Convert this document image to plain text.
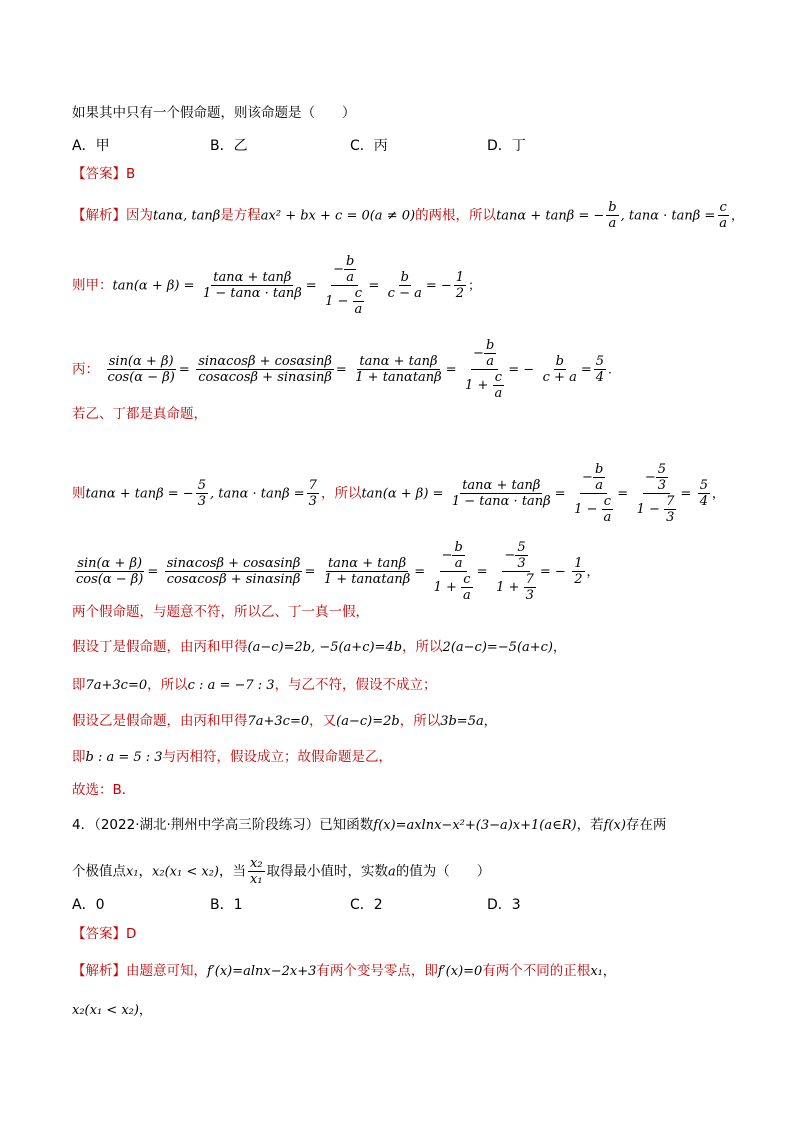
如果其中只有一个假命题，则该命题是（　　）
A．甲	B．乙	C．丙	D．丁
【答案】B
【解析】因为tanα, tanβ是方程ax² + bx + c = 0(a ≠ 0)的两根，所以tanα + tanβ = − $\frac{b}{a}$ , $\tan\alpha \cdot \tan\beta = \frac{c}{a}$ ，
则甲：$\tan(\alpha + \beta) = \frac{\tan\alpha + \tan\beta}{1 - \tan\alpha \cdot \tan\beta} = \frac{- \frac{b}{a}}{1 - \frac{c}{a}} = \frac{b}{c - a}$ = − $\frac{1}{2}$ ；
丙： $\frac{\sin(\alpha + \beta)}{\cos(\alpha - \beta)} = \frac{\sin\alpha\cos\beta + \cos\alpha\sin\beta}{\cos\alpha\cos\beta + \sin\alpha\sin\beta} = \frac{\tan\alpha + \tan\beta}{1 + \tan\alpha\tan\beta} = \frac{- \frac{b}{a}}{1 + \frac{c}{a}}$ = − $\frac{b}{c + a} = \frac{5}{4}$ .
若乙、丁都是真命题，
则tanα + tanβ = − $\frac{5}{3}$ , $\tan\alpha \cdot \tan\beta = \frac{7}{3}$ ，所以$\tan(\alpha + \beta) = \frac{\tan\alpha + \tan\beta}{1 - \tan\alpha \cdot \tan\beta} = \frac{- \frac{b}{a}}{1 - \frac{c}{a}} = \frac{- \frac{5}{3}}{1 - \frac{7}{3}} = \frac{5}{4}$ ，
$\frac{\sin(\alpha + \beta)}{\cos(\alpha - \beta)} = \frac{\sin\alpha\cos\beta + \cos\alpha\sin\beta}{\cos\alpha\cos\beta + \sin\alpha\sin\beta} = \frac{\tan\alpha + \tan\beta}{1 + \tan\alpha\tan\beta} = \frac{- \frac{b}{a}}{1 + \frac{c}{a}} = \frac{- \frac{5}{3}}{1 + \frac{7}{3}}$ = − $\frac{1}{2}$ ，
两个假命题，与题意不符，所以乙、丁一真一假，
假设丁是假命题，由丙和甲得(a−c)=2b, −5(a+c)=4b，所以2(a−c)=−5(a+c)，
即7a+3c=0，所以c : a = −7 : 3，与乙不符，假设不成立；
假设乙是假命题，由丙和甲得7a+3c=0，又(a−c)=2b，所以3b=5a，
即b : a = 5 : 3与丙相符，假设成立；故假命题是乙，
故选：B．
4．（2022·湖北·荆州中学高三阶段练习）已知函数f(x)=axlnx−x²+(3−a)x+1(a∈R)，若f(x)存在两
个极值点x₁，x₂(x₁ < x₂)，当 $\frac{\text{x₂}}{\text{x₁}}$ 取得最小值时，实数a的值为（　　）
A．0	B．1	C．2	D．3
【答案】D
【解析】由题意可知，f′(x)=alnx−2x+3有两个变号零点，即f′(x)=0有两个不同的正根x₁，
x₂(x₁ < x₂)，
